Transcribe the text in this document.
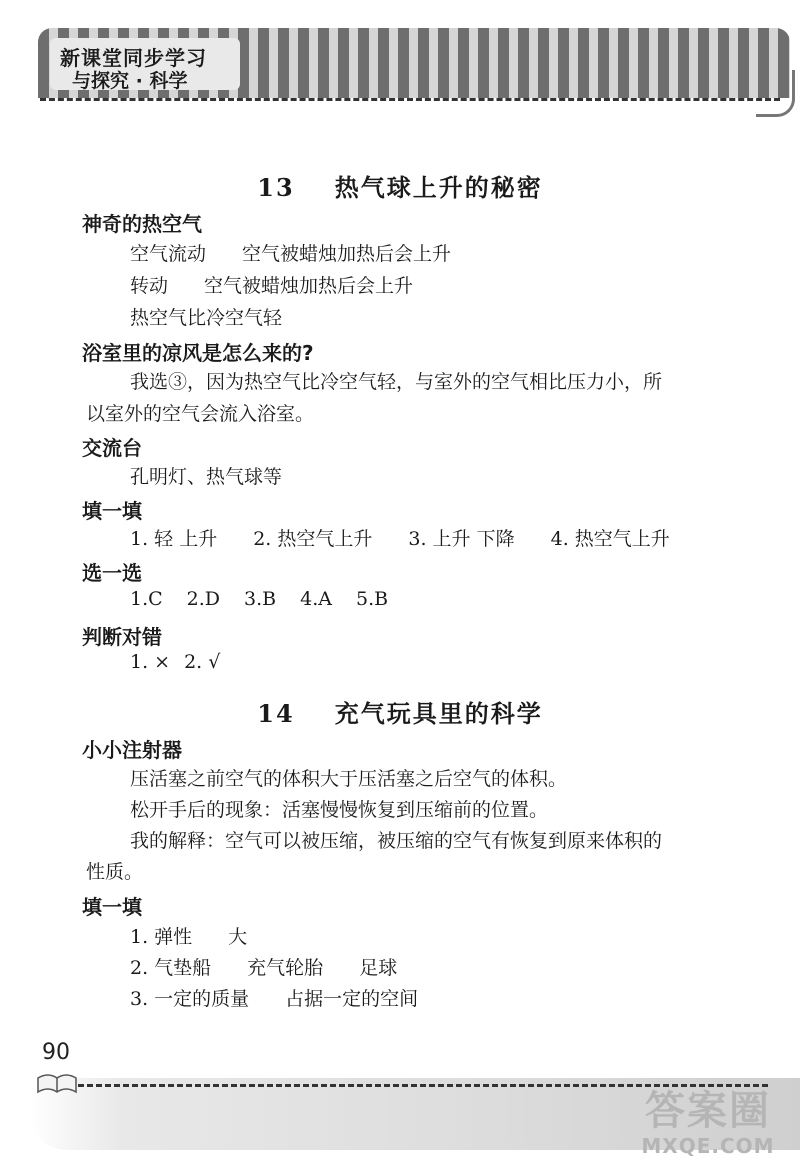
新课堂同步学习
与探究 · 科学
13 热气球上升的秘密
神奇的热空气
空气流动 空气被蜡烛加热后会上升
转动 空气被蜡烛加热后会上升
热空气比冷空气轻
浴室里的凉风是怎么来的?
我选③，因为热空气比冷空气轻，与室外的空气相比压力小，所
以室外的空气会流入浴室。
交流台
孔明灯、热气球等
填一填
1. 轻 上升 2. 热空气上升 3. 上升 下降 4. 热空气上升
选一选
1.C 2.D 3.B 4.A 5.B
判断对错
1. × 2. √
14 充气玩具里的科学
小小注射器
压活塞之前空气的体积大于压活塞之后空气的体积。
松开手后的现象：活塞慢慢恢复到压缩前的位置。
我的解释：空气可以被压缩，被压缩的空气有恢复到原来体积的
性质。
填一填
1. 弹性 大
2. 气垫船 充气轮胎 足球
3. 一定的质量 占据一定的空间
90
答案圈
MXQE.COM
